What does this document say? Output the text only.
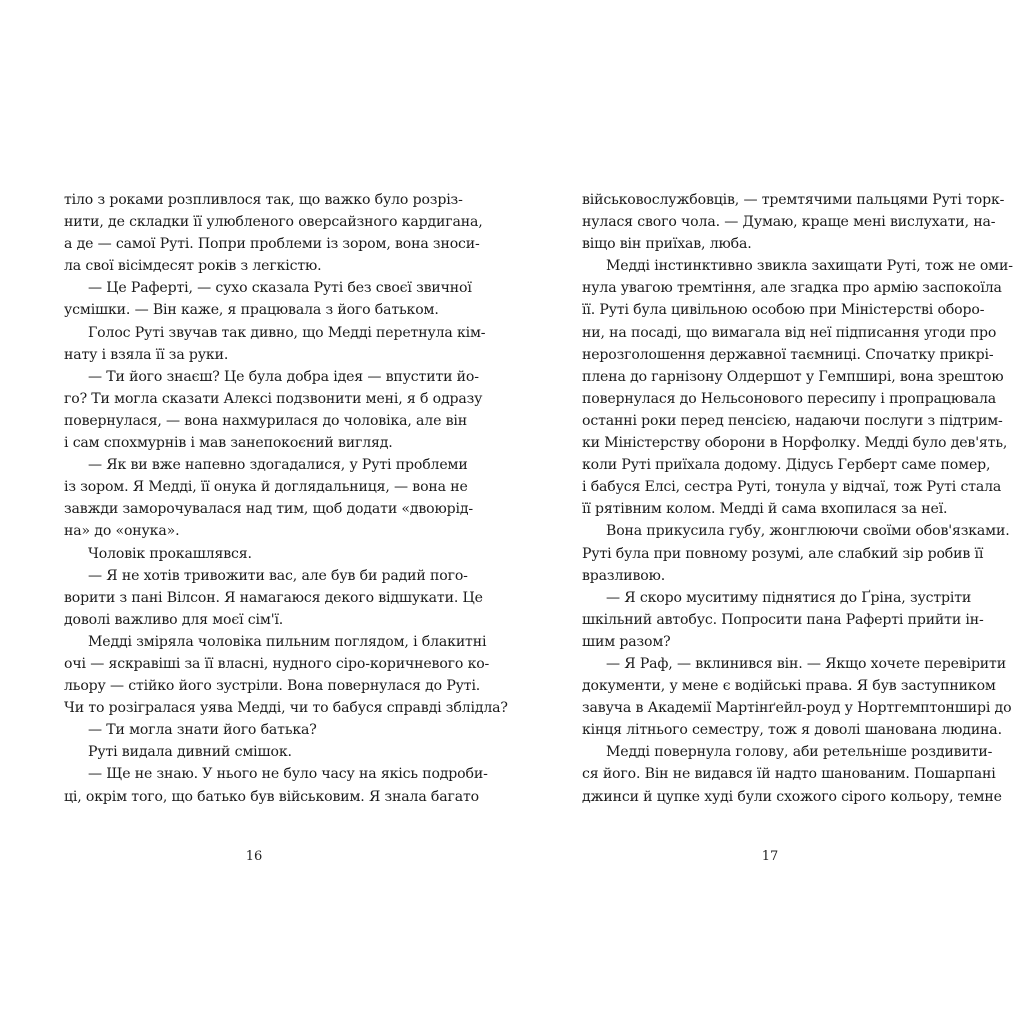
тіло з роками розпливлося так, що важко було розріз-
нити, де складки її улюбленого оверсайзного кардигана,
а де — самої Руті. Попри проблеми із зором, вона зноси-
ла свої вісімдесят років з легкістю.
— Це Раферті, — сухо сказала Руті без своєї звичної
усмішки. — Він каже, я працювала з його батьком.
Голос Руті звучав так дивно, що Медді перетнула кім-
нату і взяла її за руки.
— Ти його знаєш? Це була добра ідея — впустити йо-
го? Ти могла сказати Алексі подзвонити мені, я б одразу
повернулася, — вона нахмурилася до чоловіка, але він
і сам спохмурнів і мав занепокоєний вигляд.
— Як ви вже напевно здогадалися, у Руті проблеми
із зором. Я Медді, її онука й доглядальниця, — вона не
завжди заморочувалася над тим, щоб додати «двоюрід-
на» до «онука».
Чоловік прокашлявся.
— Я не хотів тривожити вас, але був би радий пого-
ворити з пані Вілсон. Я намагаюся декого відшукати. Це
доволі важливо для моєї сім'ї.
Медді зміряла чоловіка пильним поглядом, і блакитні
очі — яскравіші за її власні, нудного сіро-коричневого ко-
льору — стійко його зустріли. Вона повернулася до Руті.
Чи то розігралася уява Медді, чи то бабуся справді зблідла?
— Ти могла знати його батька?
Руті видала дивний смішок.
— Ще не знаю. У нього не було часу на якісь подроби-
ці, окрім того, що батько був військовим. Я знала багато
16
військовослужбовців, — тремтячими пальцями Руті торк-
нулася свого чола. — Думаю, краще мені вислухати, на-
віщо він приїхав, люба.
Медді інстинктивно звикла захищати Руті, тож не оми-
нула увагою тремтіння, але згадка про армію заспокоїла
її. Руті була цивільною особою при Міністерстві оборо-
ни, на посаді, що вимагала від неї підписання угоди про
нерозголошення державної таємниці. Спочатку прикрі-
плена до гарнізону Олдершот у Гемпширі, вона зрештою
повернулася до Нельсонового пересипу і пропрацювала
останні роки перед пенсією, надаючи послуги з підтрим-
ки Міністерству оборони в Норфолку. Медді було дев'ять,
коли Руті приїхала додому. Дідусь Герберт саме помер,
і бабуся Елсі, сестра Руті, тонула у відчаї, тож Руті стала
її рятівним колом. Медді й сама вхопилася за неї.
Вона прикусила губу, жонглюючи своїми обов'язками.
Руті була при повному розумі, але слабкий зір робив її
вразливою.
— Я скоро муситиму піднятися до Ґріна, зустріти
шкільний автобус. Попросити пана Раферті прийти ін-
шим разом?
— Я Раф, — вклинився він. — Якщо хочете перевірити
документи, у мене є водійські права. Я був заступником
завуча в Академії Мартінґейл-роуд у Нортгемптонширі до
кінця літнього семестру, тож я доволі шанована людина.
Медді повернула голову, аби ретельніше роздивити-
ся його. Він не видався їй надто шанованим. Пошарпані
джинси й цупке худі були схожого сірого кольору, темне
17
